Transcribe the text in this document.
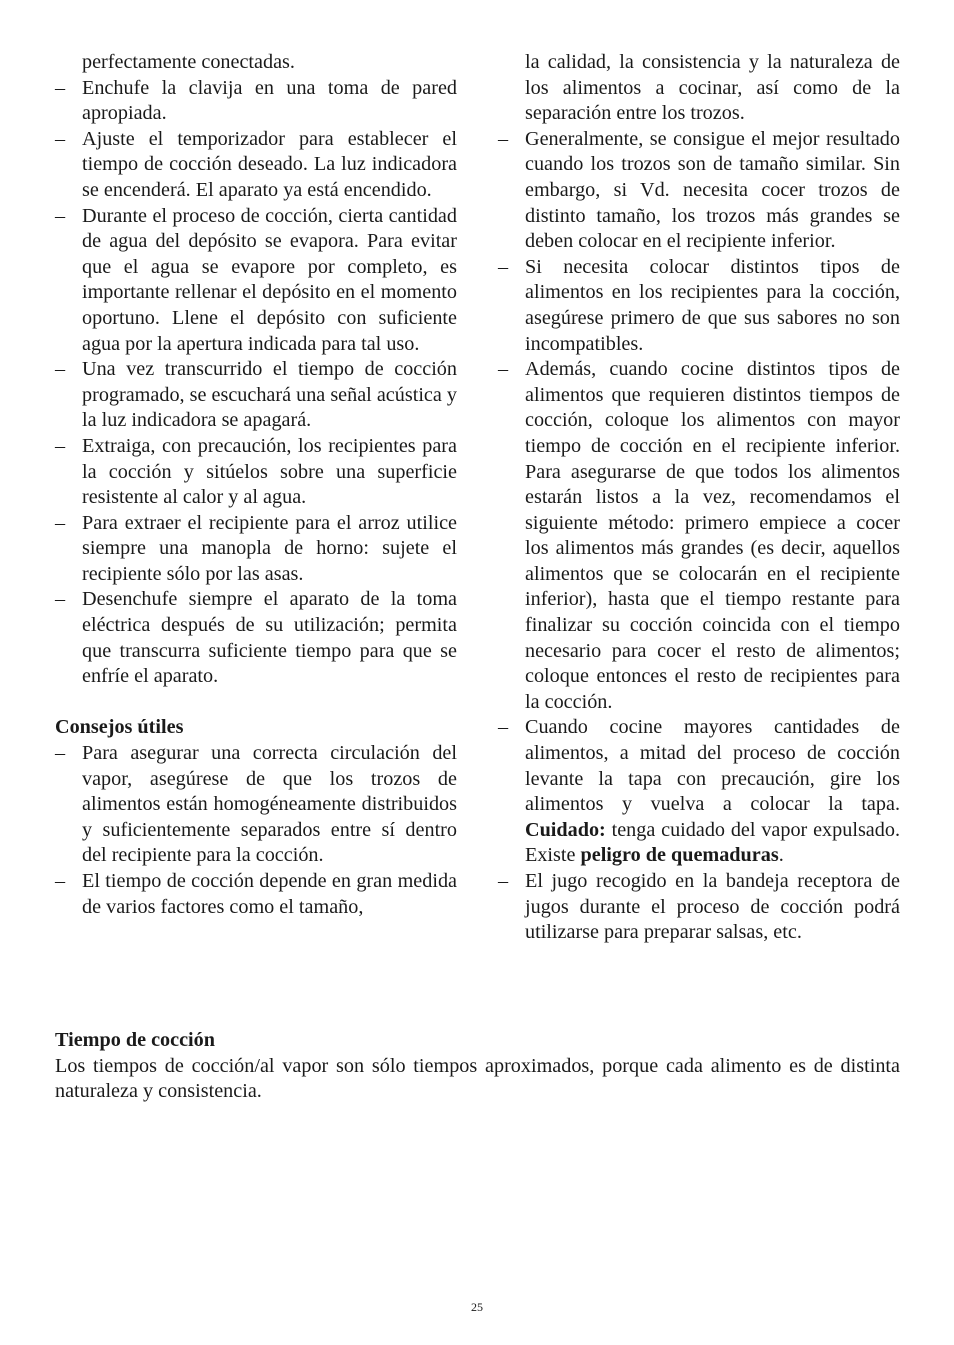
perfectamente conectadas.

– Enchufe la clavija en una toma de pared apropiada.
– Ajuste el temporizador para establecer el tiempo de cocción deseado. La luz indicadora se encenderá. El aparato ya está encendido.
– Durante el proceso de cocción, cierta cantidad de agua del depósito se evapora. Para evitar que el agua se evapore por completo, es importante rellenar el depósito en el momento oportuno. Llene el depósito con suficiente agua por la apertura indicada para tal uso.
– Una vez transcurrido el tiempo de cocción programado, se escuchará una señal acústica y la luz indicadora se apagará.
– Extraiga, con precaución, los recipientes para la cocción y sitúelos sobre una superficie resistente al calor y al agua.
– Para extraer el recipiente para el arroz utilice siempre una manopla de horno: sujete el recipiente sólo por las asas.
– Desenchufe siempre el aparato de la toma eléctrica después de su utilización; permita que transcurra suficiente tiempo para que se enfríe el aparato.

Consejos útiles

– Para asegurar una correcta circulación del vapor, asegúrese de que los trozos de alimentos están homogéneamente distribuidos y suficientemente separados entre sí dentro del recipiente para la cocción.
– El tiempo de cocción depende en gran medida de varios factores como el tamaño,

la calidad, la consistencia y la naturaleza de los alimentos a cocinar, así como de la separación entre los trozos.

– Generalmente, se consigue el mejor resultado cuando los trozos son de tamaño similar. Sin embargo, si Vd. necesita cocer trozos de distinto tamaño, los trozos más grandes se deben colocar en el recipiente inferior.
– Si necesita colocar distintos tipos de alimentos en los recipientes para la cocción, asegúrese primero de que sus sabores no son incompatibles.
– Además, cuando cocine distintos tipos de alimentos que requieren distintos tiempos de cocción, coloque los alimentos con mayor tiempo de cocción en el recipiente inferior. Para asegurarse de que todos los alimentos estarán listos a la vez, recomendamos el siguiente método: primero empiece a cocer los alimentos más grandes (es decir, aquellos alimentos que se colocarán en el recipiente inferior), hasta que el tiempo restante para finalizar su cocción coincida con el tiempo necesario para cocer el resto de alimentos; coloque entonces el resto de recipientes para la cocción.
– Cuando cocine mayores cantidades de alimentos, a mitad del proceso de cocción levante la tapa con precaución, gire los alimentos y vuelva a colocar la tapa. Cuidado: tenga cuidado del vapor expulsado. Existe peligro de quemaduras.
– El jugo recogido en la bandeja receptora de jugos durante el proceso de cocción podrá utilizarse para preparar salsas, etc.

Tiempo de cocción

Los tiempos de cocción/al vapor son sólo tiempos aproximados, porque cada alimento es de distinta naturaleza y consistencia.

25
